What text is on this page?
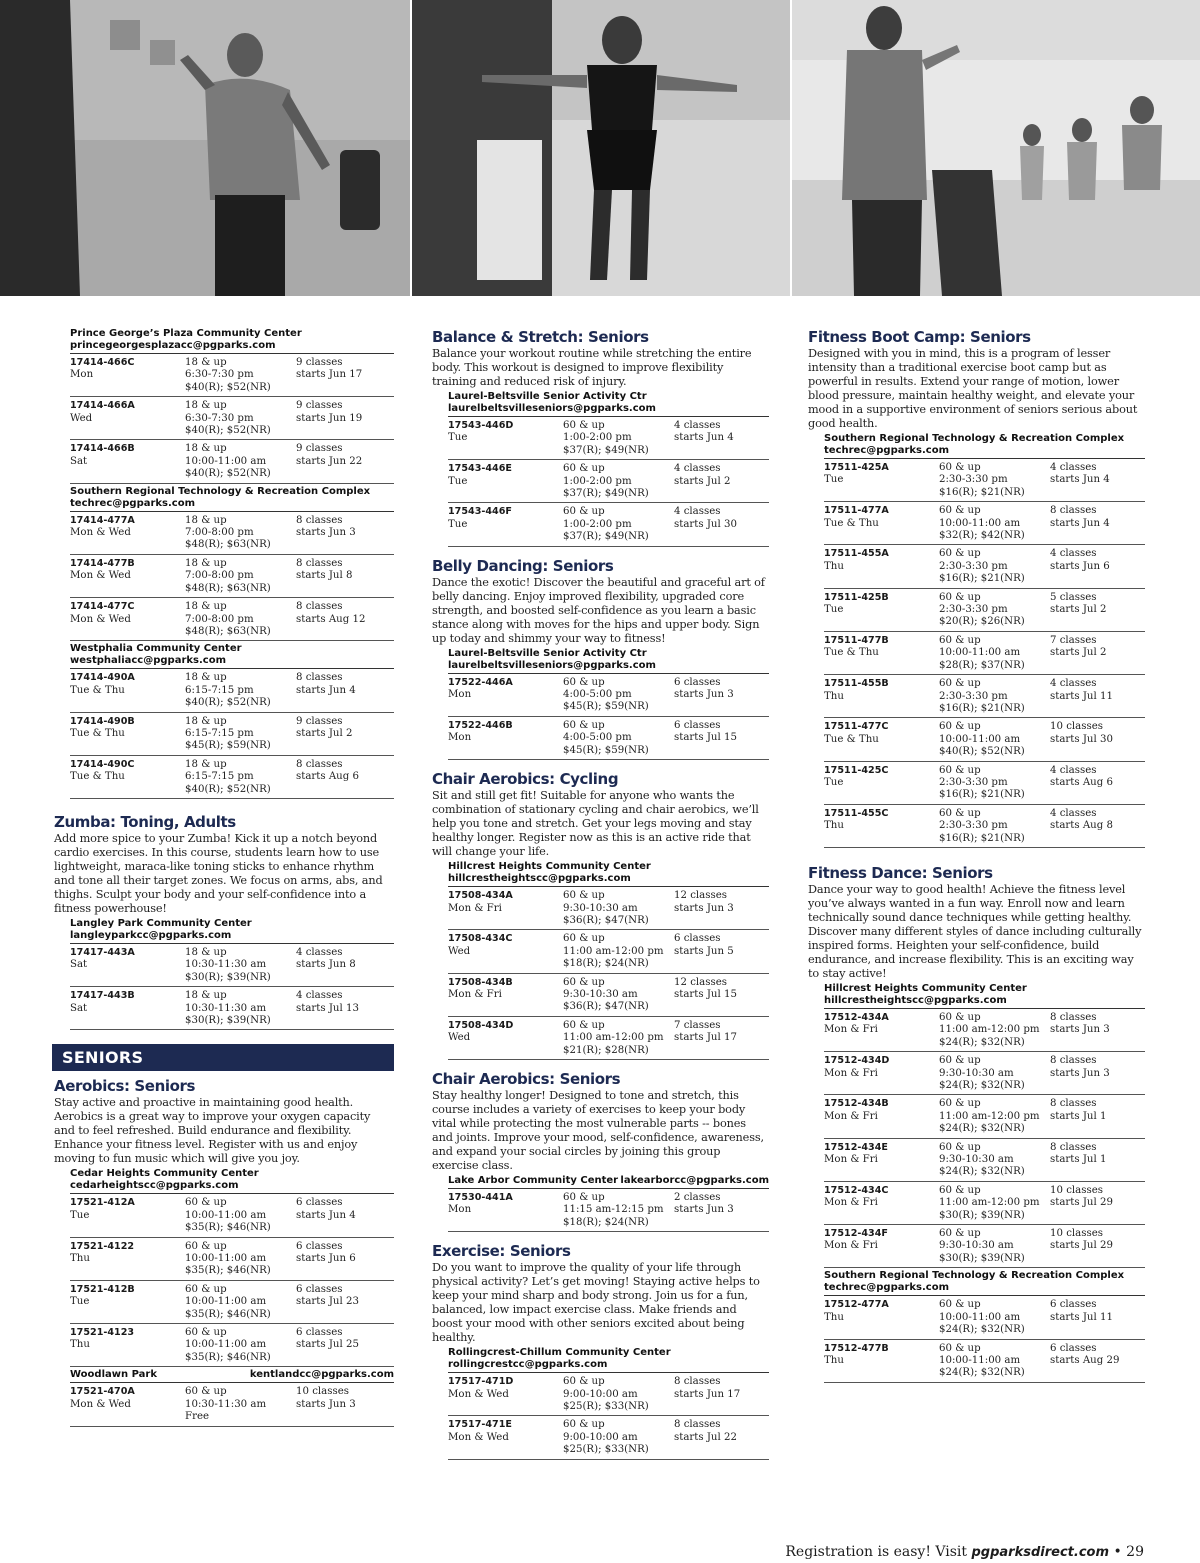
Prince George’s Plaza Community Center
princegeorgesplazacc@pgparks.com
17414-466C
Mon
18 & up
6:30-7:30 pm
$40(R); $52(NR)
9 classes
starts Jun 17
17414-466A
Wed
18 & up
6:30-7:30 pm
$40(R); $52(NR)
9 classes
starts Jun 19
17414-466B
Sat
18 & up
10:00-11:00 am
$40(R); $52(NR)
9 classes
starts Jun 22
Southern Regional Technology & Recreation Complex
techrec@pgparks.com
17414-477A
Mon & Wed
18 & up
7:00-8:00 pm
$48(R); $63(NR)
8 classes
starts Jun 3
17414-477B
Mon & Wed
18 & up
7:00-8:00 pm
$48(R); $63(NR)
8 classes
starts Jul 8
17414-477C
Mon & Wed
18 & up
7:00-8:00 pm
$48(R); $63(NR)
8 classes
starts Aug 12
Westphalia Community Center
westphaliacc@pgparks.com
17414-490A
Tue & Thu
18 & up
6:15-7:15 pm
$40(R); $52(NR)
8 classes
starts Jun 4
17414-490B
Tue & Thu
18 & up
6:15-7:15 pm
$45(R); $59(NR)
9 classes
starts Jul 2
17414-490C
Tue & Thu
18 & up
6:15-7:15 pm
$40(R); $52(NR)
8 classes
starts Aug 6
Zumba: Toning, Adults
Add more spice to your Zumba! Kick it up a notch beyond cardio exercises. In this course, students learn how to use lightweight, maraca-like toning sticks to enhance rhythm and tone all their target zones. We focus on arms, abs, and thighs. Sculpt your body and your self-confidence into a fitness powerhouse!
Langley Park Community Center
langleyparkcc@pgparks.com
17417-443A
Sat
18 & up
10:30-11:30 am
$30(R); $39(NR)
4 classes
starts Jun 8
17417-443B
Sat
18 & up
10:30-11:30 am
$30(R); $39(NR)
4 classes
starts Jul 13
SENIORS
Aerobics: Seniors
Stay active and proactive in maintaining good health. Aerobics is a great way to improve your oxygen capacity and to feel refreshed. Build endurance and flexibility. Enhance your fitness level. Register with us and enjoy moving to fun music which will give you joy.
Cedar Heights Community Center
cedarheightscc@pgparks.com
17521-412A
Tue
60 & up
10:00-11:00 am
$35(R); $46(NR)
6 classes
starts Jun 4
17521-4122
Thu
60 & up
10:00-11:00 am
$35(R); $46(NR)
6 classes
starts Jun 6
17521-412B
Tue
60 & up
10:00-11:00 am
$35(R); $46(NR)
6 classes
starts Jul 23
17521-4123
Thu
60 & up
10:00-11:00 am
$35(R); $46(NR)
6 classes
starts Jul 25
Woodlawn Park	kentlandcc@pgparks.com
17521-470A
Mon & Wed
60 & up
10:30-11:30 am
Free
10 classes
starts Jun 3
Balance & Stretch: Seniors
Balance your workout routine while stretching the entire body. This workout is designed to improve flexibility training and reduced risk of injury.
Laurel-Beltsville Senior Activity Ctr
laurelbeltsvilleseniors@pgparks.com
17543-446D
Tue
60 & up
1:00-2:00 pm
$37(R); $49(NR)
4 classes
starts Jun 4
17543-446E
Tue
60 & up
1:00-2:00 pm
$37(R); $49(NR)
4 classes
starts Jul 2
17543-446F
Tue
60 & up
1:00-2:00 pm
$37(R); $49(NR)
4 classes
starts Jul 30
Belly Dancing: Seniors
Dance the exotic! Discover the beautiful and graceful art of belly dancing. Enjoy improved flexibility, upgraded core strength, and boosted self-confidence as you learn a basic stance along with moves for the hips and upper body. Sign up today and shimmy your way to fitness!
Laurel-Beltsville Senior Activity Ctr
laurelbeltsvilleseniors@pgparks.com
17522-446A
Mon
60 & up
4:00-5:00 pm
$45(R); $59(NR)
6 classes
starts Jun 3
17522-446B
Mon
60 & up
4:00-5:00 pm
$45(R); $59(NR)
6 classes
starts Jul 15
Chair Aerobics: Cycling
Sit and still get fit! Suitable for anyone who wants the combination of stationary cycling and chair aerobics, we’ll help you tone and stretch. Get your legs moving and stay healthy longer. Register now as this is an active ride that will change your life.
Hillcrest Heights Community Center
hillcrestheightscc@pgparks.com
17508-434A
Mon & Fri
60 & up
9:30-10:30 am
$36(R); $47(NR)
12 classes
starts Jun 3
17508-434C
Wed
60 & up
11:00 am-12:00 pm
$18(R); $24(NR)
6 classes
starts Jun 5
17508-434B
Mon & Fri
60 & up
9:30-10:30 am
$36(R); $47(NR)
12 classes
starts Jul 15
17508-434D
Wed
60 & up
11:00 am-12:00 pm
$21(R); $28(NR)
7 classes
starts Jul 17
Chair Aerobics: Seniors
Stay healthy longer! Designed to tone and stretch, this course includes a variety of exercises to keep your body vital while protecting the most vulnerable parts -- bones and joints. Improve your mood, self-confidence, awareness, and expand your social circles by joining this group exercise class.
Lake Arbor Community Center lakearborcc@pgparks.com
17530-441A
Mon
60 & up
11:15 am-12:15 pm
$18(R); $24(NR)
2 classes
starts Jun 3
Exercise: Seniors
Do you want to improve the quality of your life through physical activity? Let’s get moving! Staying active helps to keep your mind sharp and body strong. Join us for a fun, balanced, low impact exercise class. Make friends and boost your mood with other seniors excited about being healthy.
Rollingcrest-Chillum Community Center
rollingcrestcc@pgparks.com
17517-471D
Mon & Wed
60 & up
9:00-10:00 am
$25(R); $33(NR)
8 classes
starts Jun 17
17517-471E
Mon & Wed
60 & up
9:00-10:00 am
$25(R); $33(NR)
8 classes
starts Jul 22
Fitness Boot Camp: Seniors
Designed with you in mind, this is a program of lesser intensity than a traditional exercise boot camp but as powerful in results. Extend your range of motion, lower blood pressure, maintain healthy weight, and elevate your mood in a supportive environment of seniors serious about good health.
Southern Regional Technology & Recreation Complex
techrec@pgparks.com
17511-425A
Tue
60 & up
2:30-3:30 pm
$16(R); $21(NR)
4 classes
starts Jun 4
17511-477A
Tue & Thu
60 & up
10:00-11:00 am
$32(R); $42(NR)
8 classes
starts Jun 4
17511-455A
Thu
60 & up
2:30-3:30 pm
$16(R); $21(NR)
4 classes
starts Jun 6
17511-425B
Tue
60 & up
2:30-3:30 pm
$20(R); $26(NR)
5 classes
starts Jul 2
17511-477B
Tue & Thu
60 & up
10:00-11:00 am
$28(R); $37(NR)
7 classes
starts Jul 2
17511-455B
Thu
60 & up
2:30-3:30 pm
$16(R); $21(NR)
4 classes
starts Jul 11
17511-477C
Tue & Thu
60 & up
10:00-11:00 am
$40(R); $52(NR)
10 classes
starts Jul 30
17511-425C
Tue
60 & up
2:30-3:30 pm
$16(R); $21(NR)
4 classes
starts Aug 6
17511-455C
Thu
60 & up
2:30-3:30 pm
$16(R); $21(NR)
4 classes
starts Aug 8
Fitness Dance: Seniors
Dance your way to good health! Achieve the fitness level you’ve always wanted in a fun way. Enroll now and learn technically sound dance techniques while getting healthy. Discover many different styles of dance including culturally inspired forms. Heighten your self-confidence, build endurance, and increase flexibility. This is an exciting way to stay active!
Hillcrest Heights Community Center
hillcrestheightscc@pgparks.com
17512-434A
Mon & Fri
60 & up
11:00 am-12:00 pm
$24(R); $32(NR)
8 classes
starts Jun 3
17512-434D
Mon & Fri
60 & up
9:30-10:30 am
$24(R); $32(NR)
8 classes
starts Jun 3
17512-434B
Mon & Fri
60 & up
11:00 am-12:00 pm
$24(R); $32(NR)
8 classes
starts Jul 1
17512-434E
Mon & Fri
60 & up
9:30-10:30 am
$24(R); $32(NR)
8 classes
starts Jul 1
17512-434C
Mon & Fri
60 & up
11:00 am-12:00 pm
$30(R); $39(NR)
10 classes
starts Jul 29
17512-434F
Mon & Fri
60 & up
9:30-10:30 am
$30(R); $39(NR)
10 classes
starts Jul 29
Southern Regional Technology & Recreation Complex
techrec@pgparks.com
17512-477A
Thu
60 & up
10:00-11:00 am
$24(R); $32(NR)
6 classes
starts Jul 11
17512-477B
Thu
60 & up
10:00-11:00 am
$24(R); $32(NR)
6 classes
starts Aug 29
Registration is easy! Visit pgparksdirect.com • 29
